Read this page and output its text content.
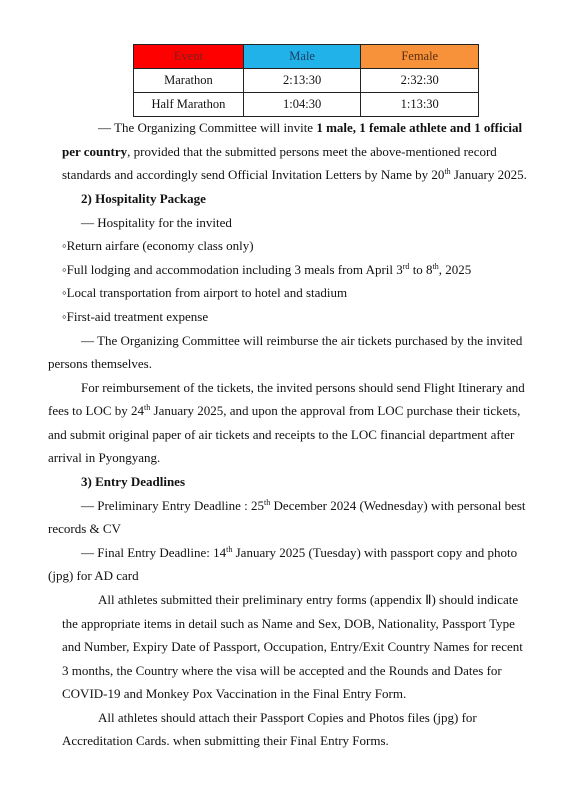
Event	Male	Female
Marathon	2:13:30	2:32:30
Half Marathon	1:04:30	1:13:30
— The Organizing Committee will invite 1 male, 1 female athlete and 1 official
per country, provided that the submitted persons meet the above-mentioned record
standards and accordingly send Official Invitation Letters by Name by 20th January 2025.
2) Hospitality Package
— Hospitality for the invited
◦Return airfare (economy class only)
◦Full lodging and accommodation including 3 meals from April 3rd to 8th, 2025
◦Local transportation from airport to hotel and stadium
◦First-aid treatment expense
— The Organizing Committee will reimburse the air tickets purchased by the invited
persons themselves.
For reimbursement of the tickets, the invited persons should send Flight Itinerary and
fees to LOC by 24th January 2025, and upon the approval from LOC purchase their tickets,
and submit original paper of air tickets and receipts to the LOC financial department after
arrival in Pyongyang.
3) Entry Deadlines
— Preliminary Entry Deadline : 25th December 2024 (Wednesday) with personal best
records & CV
— Final Entry Deadline: 14th January 2025 (Tuesday) with passport copy and photo
(jpg) for AD card
All athletes submitted their preliminary entry forms (appendix Ⅱ) should indicate
the appropriate items in detail such as Name and Sex, DOB, Nationality, Passport Type
and Number, Expiry Date of Passport, Occupation, Entry/Exit Country Names for recent
3 months, the Country where the visa will be accepted and the Rounds and Dates for
COVID-19 and Monkey Pox Vaccination in the Final Entry Form.
All athletes should attach their Passport Copies and Photos files (jpg) for
Accreditation Cards. when submitting their Final Entry Forms.
